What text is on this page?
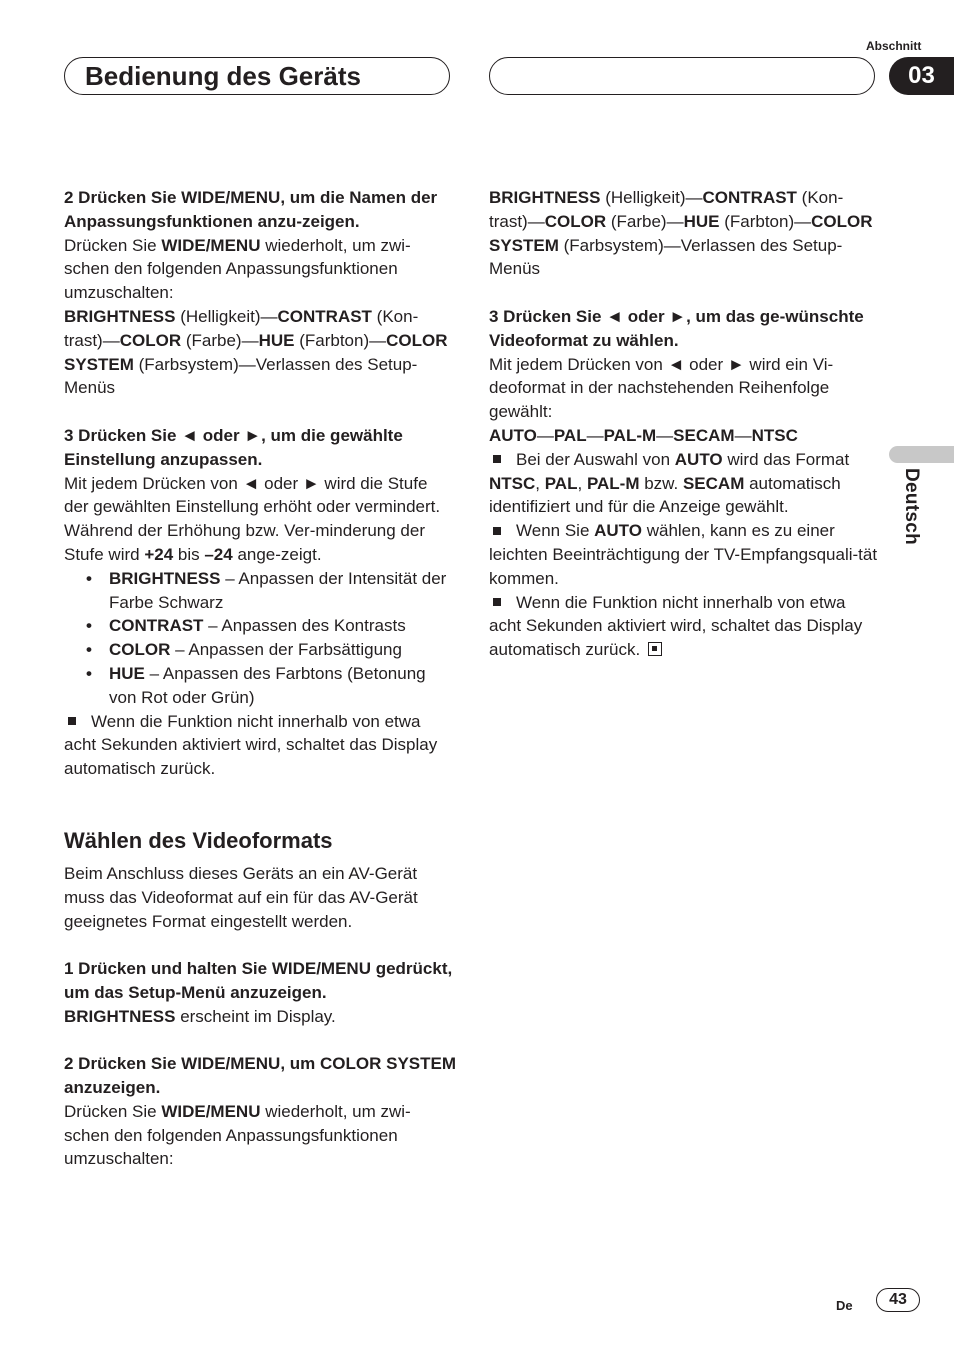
Abschnitt
Bedienung des Geräts	03
Deutsch

2 Drücken Sie WIDE/MENU, um die Namen der Anpassungsfunktionen anzu-zeigen.

Drücken Sie WIDE/MENU wiederholt, um zwi-schen den folgenden Anpassungsfunktionen umzuschalten:

BRIGHTNESS (Helligkeit)—CONTRAST (Kon-trast)—COLOR (Farbe)—HUE (Farbton)—COLOR SYSTEM (Farbsystem)—Verlassen des Setup-Menüs

3 Drücken Sie ◄ oder ►, um die gewählte Einstellung anzupassen.

Mit jedem Drücken von ◄ oder ► wird die Stufe der gewählten Einstellung erhöht oder vermindert. Während der Erhöhung bzw. Ver-minderung der Stufe wird +24 bis –24 ange-zeigt.

• BRIGHTNESS – Anpassen der Intensität der Farbe Schwarz
• CONTRAST – Anpassen des Kontrasts
• COLOR – Anpassen der Farbsättigung
• HUE – Anpassen des Farbtons (Betonung von Rot oder Grün)

Wenn die Funktion nicht innerhalb von etwa acht Sekunden aktiviert wird, schaltet das Display automatisch zurück.

Wählen des Videoformats

Beim Anschluss dieses Geräts an ein AV-Gerät muss das Videoformat auf ein für das AV-Gerät geeignetes Format eingestellt werden.

1 Drücken und halten Sie WIDE/MENU gedrückt, um das Setup-Menü anzuzeigen.

BRIGHTNESS erscheint im Display.

2 Drücken Sie WIDE/MENU, um COLOR SYSTEM anzuzeigen.

Drücken Sie WIDE/MENU wiederholt, um zwi-schen den folgenden Anpassungsfunktionen umzuschalten:

BRIGHTNESS (Helligkeit)—CONTRAST (Kon-trast)—COLOR (Farbe)—HUE (Farbton)—COLOR SYSTEM (Farbsystem)—Verlassen des Setup-Menüs

3 Drücken Sie ◄ oder ►, um das ge-wünschte Videoformat zu wählen.

Mit jedem Drücken von ◄ oder ► wird ein Vi-deoformat in der nachstehenden Reihenfolge gewählt:

AUTO—PAL—PAL-M—SECAM—NTSC

Bei der Auswahl von AUTO wird das Format NTSC, PAL, PAL-M bzw. SECAM automatisch identifiziert und für die Anzeige gewählt.

Wenn Sie AUTO wählen, kann es zu einer leichten Beeinträchtigung der TV-Empfangsquali-tät kommen.

Wenn die Funktion nicht innerhalb von etwa acht Sekunden aktiviert wird, schaltet das Display automatisch zurück.

De	43
